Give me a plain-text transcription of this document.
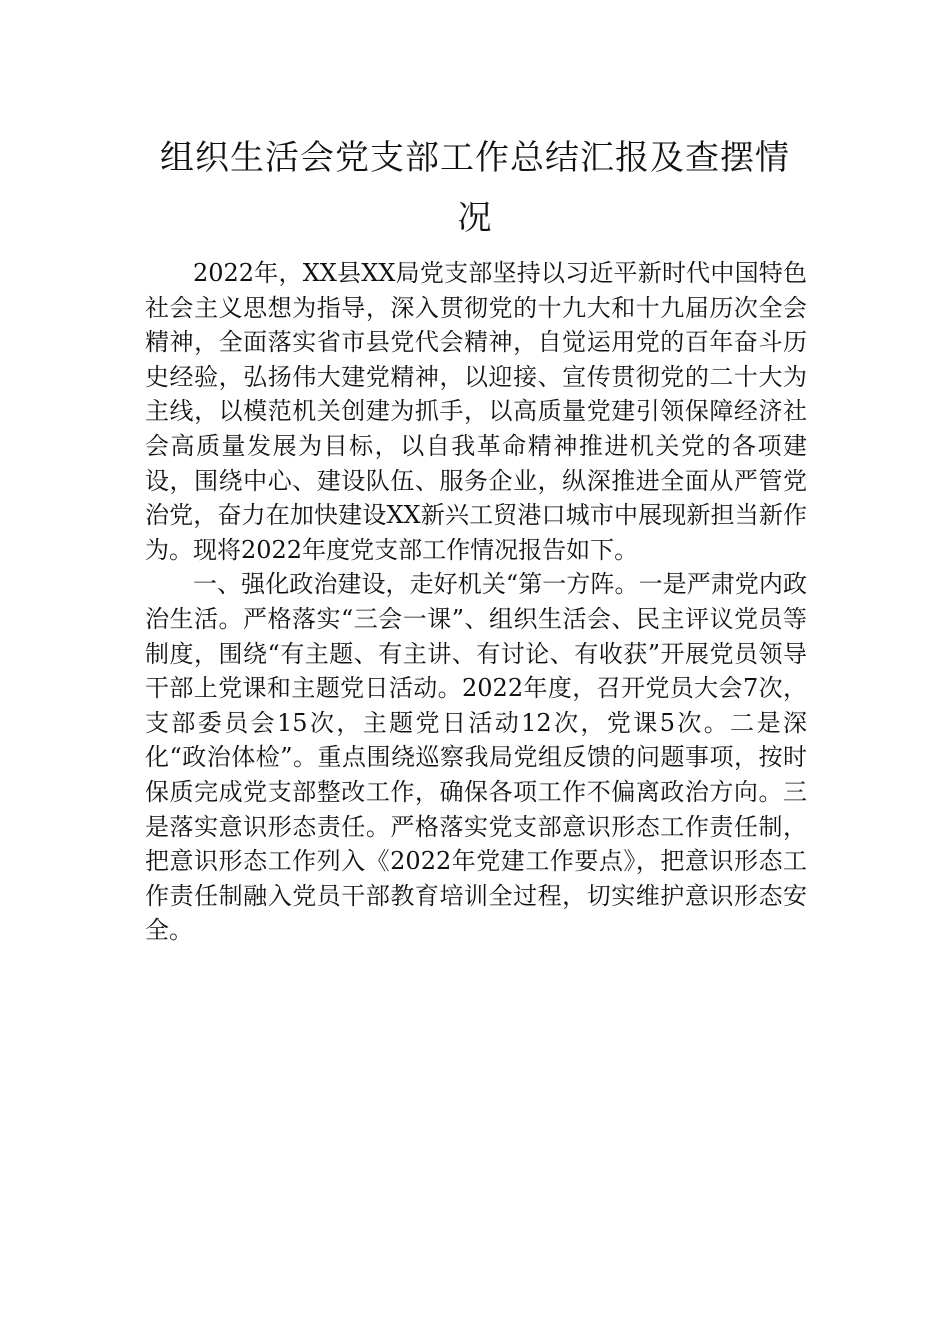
组织生活会党支部工作总结汇报及查摆情况

2022年，XX县XX局党支部坚持以习近平新时代中国特色社会主义思想为指导，深入贯彻党的十九大和十九届历次全会精神，全面落实省市县党代会精神，自觉运用党的百年奋斗历史经验，弘扬伟大建党精神，以迎接、宣传贯彻党的二十大为主线，以模范机关创建为抓手，以高质量党建引领保障经济社会高质量发展为目标，以自我革命精神推进机关党的各项建设，围绕中心、建设队伍、服务企业，纵深推进全面从严管党治党，奋力在加快建设XX新兴工贸港口城市中展现新担当新作为。现将2022年度党支部工作情况报告如下。

一、强化政治建设，走好机关“第一方阵。一是严肃党内政治生活。严格落实“三会一课”、组织生活会、民主评议党员等制度，围绕“有主题、有主讲、有讨论、有收获”开展党员领导干部上党课和主题党日活动。2022年度，召开党员大会7次，支部委员会15次，主题党日活动12次，党课5次。二是深化“政治体检”。重点围绕巡察我局党组反馈的问题事项，按时保质完成党支部整改工作，确保各项工作不偏离政治方向。三是落实意识形态责任。严格落实党支部意识形态工作责任制，把意识形态工作列入《2022年党建工作要点》，把意识形态工作责任制融入党员干部教育培训全过程，切实维护意识形态安全。
